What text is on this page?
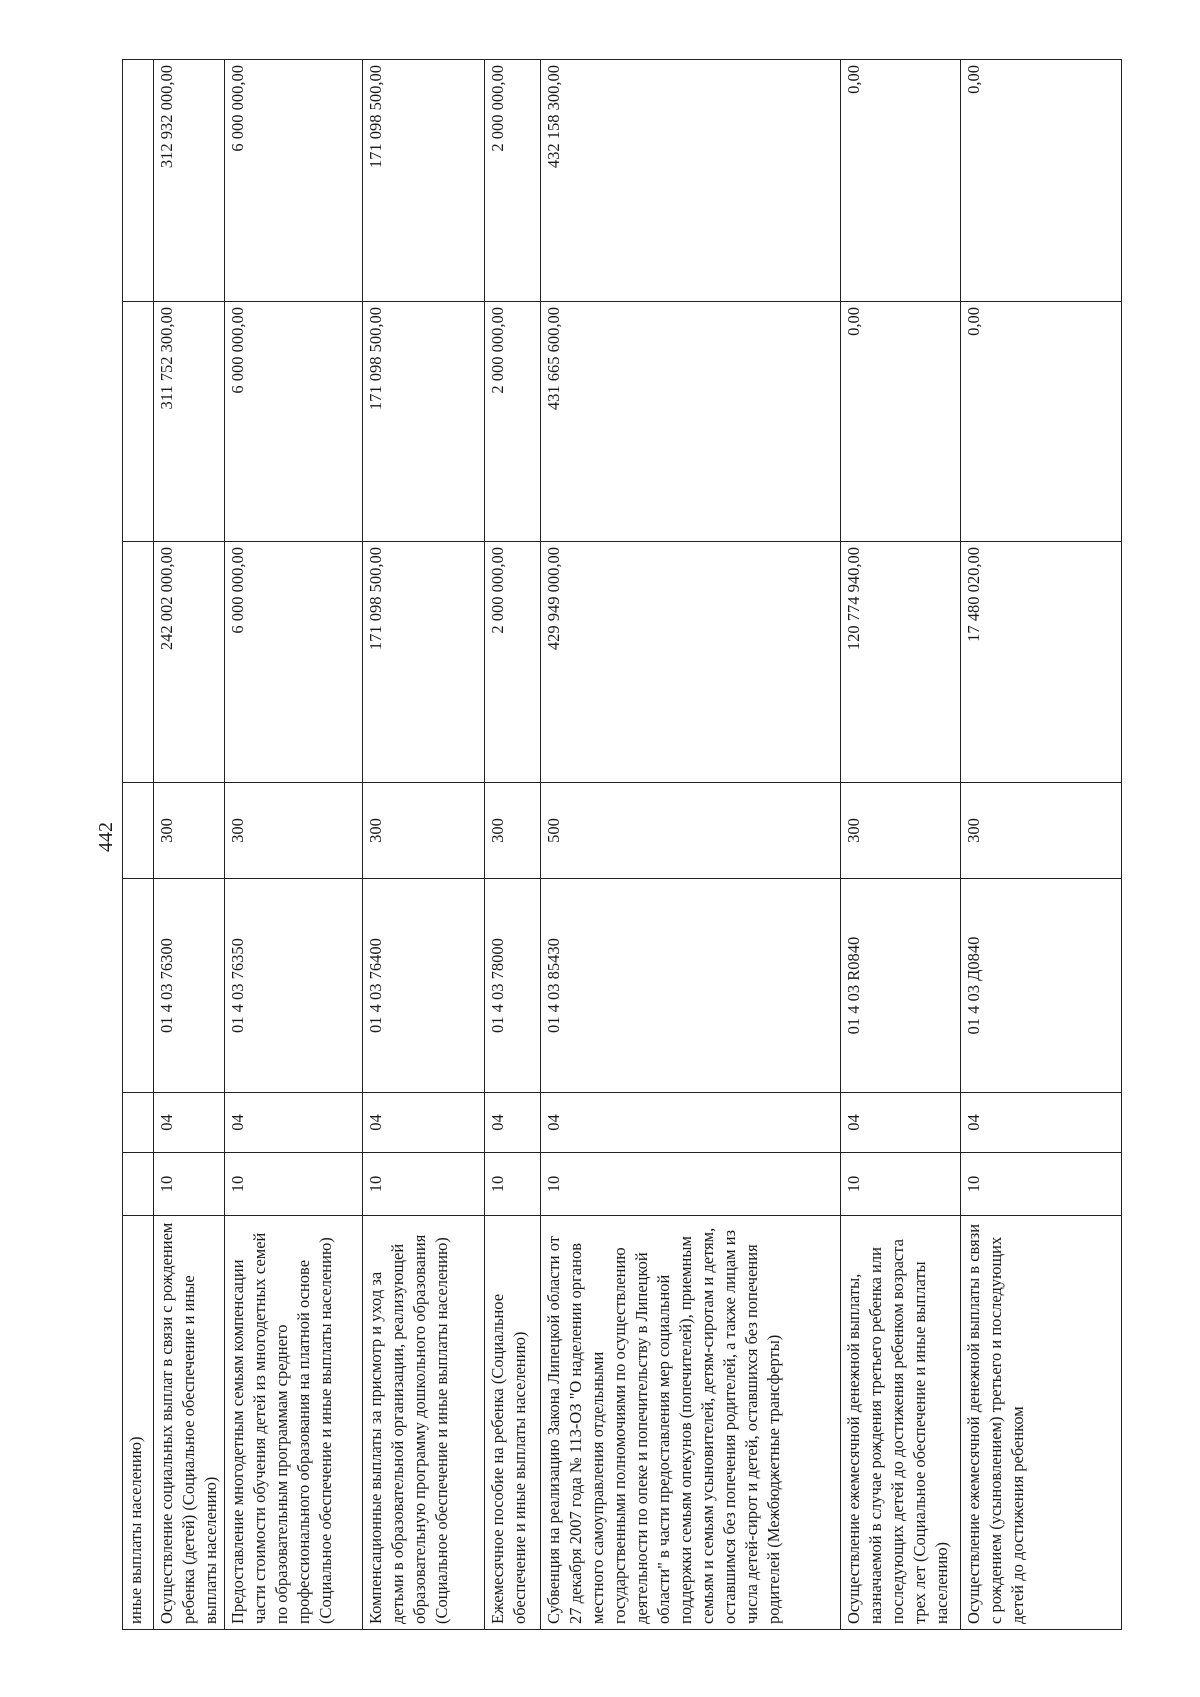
442
иные выплаты населению)							
Осуществление социальных выплат в связи с рождением ребенка (детей) (Социальное обеспечение и иные выплаты населению)	10	04	01 4 03 76300	300	242 002 000,00	311 752 300,00	312 932 000,00
Предоставление многодетным семьям компенсации части стоимости обучения детей из многодетных семей по образовательным программам среднего профессионального образования на платной основе (Социальное обеспечение и иные выплаты населению)	10	04	01 4 03 76350	300	6 000 000,00	6 000 000,00	6 000 000,00
Компенсационные выплаты за присмотр и уход за детьми в образовательной организации, реализующей образовательную программу дошкольного образования (Социальное обеспечение и иные выплаты населению)	10	04	01 4 03 76400	300	171 098 500,00	171 098 500,00	171 098 500,00
Ежемесячное пособие на ребенка (Социальное обеспечение и иные выплаты населению)	10	04	01 4 03 78000	300	2 000 000,00	2 000 000,00	2 000 000,00
Субвенция на реализацию Закона Липецкой области от 27 декабря 2007 года № 113-ОЗ "О наделении органов местного самоуправления отдельными государственными полномочиями по осуществлению деятельности по опеке и попечительству в Липецкой области" в части предоставления мер социальной поддержки семьям опекунов (попечителей), приемным семьям и семьям усыновителей, детям-сиротам и детям, оставшимся без попечения родителей, а также лицам из числа детей-сирот и детей, оставшихся без попечения родителей (Межбюджетные трансферты)	10	04	01 4 03 85430	500	429 949 000,00	431 665 600,00	432 158 300,00
Осуществление ежемесячной денежной выплаты, назначаемой в случае рождения третьего ребенка или последующих детей до достижения ребенком возраста трех лет (Социальное обеспечение и иные выплаты населению)	10	04	01 4 03 R0840	300	120 774 940,00	0,00	0,00
Осуществление ежемесячной денежной выплаты в связи с рождением (усыновлением) третьего и последующих детей до достижения ребенком	10	04	01 4 03 Д0840	300	17 480 020,00	0,00	0,00
